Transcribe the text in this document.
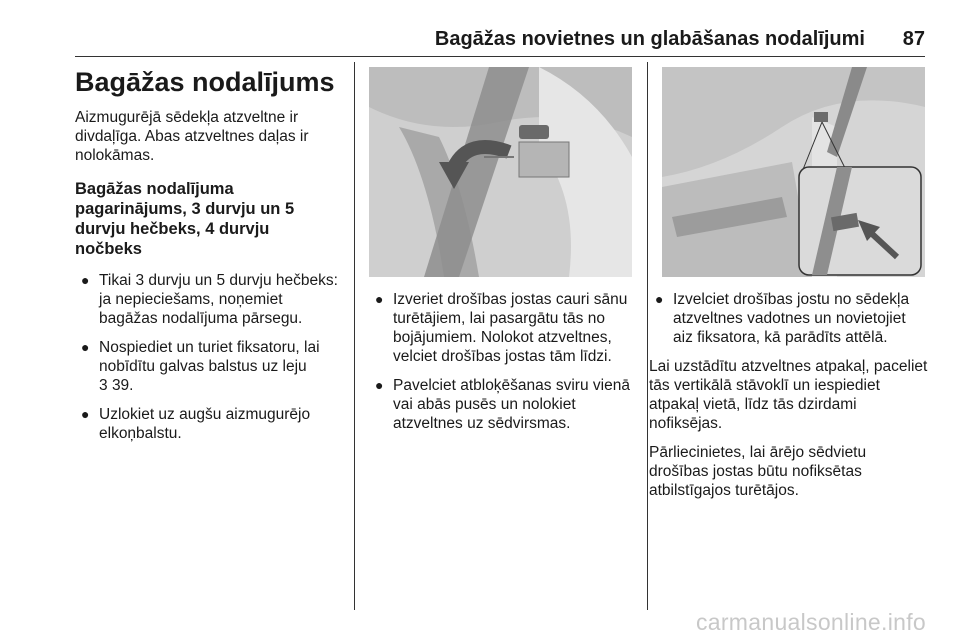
Bagāžas novietnes un glabāšanas nodalījumi 87
Bagāžas nodalījums

Aizmugurējā sēdekļa atzveltne ir divdaļīga. Abas atzveltnes daļas ir nolokāmas.

Bagāžas nodalījuma pagarinājums, 3 durvju un 5 durvju hečbeks, 4 durvju nočbeks
● Tikai 3 durvju un 5 durvju hečbeks: ja nepieciešams, noņemiet bagāžas nodalījuma pārsegu.
● Nospiediet un turiet fiksatoru, lai nobīdītu galvas balstus uz leju
3 39.
● Uzlokiet uz augšu aizmugurējo elkoņbalstu.
● Izveriet drošības jostas cauri sānu turētājiem, lai pasargātu tās no bojājumiem. Nolokot atzveltnes, velciet drošības jostas tām līdzi.
● Pavelciet atbloķēšanas sviru vienā vai abās pusēs un nolokiet atzveltnes uz sēdvirsmas.
● Izvelciet drošības jostu no sēdekļa atzveltnes vadotnes un novietojiet aiz fiksatora, kā parādīts attēlā.

Lai uzstādītu atzveltnes atpakaļ, paceliet tās vertikālā stāvoklī un iespiediet atpakaļ vietā, līdz tās dzirdami nofiksējas.

Pārliecinietes, lai ārējo sēdvietu drošības jostas būtu nofiksētas atbilstīgajos turētājos.

carmanualsonline.info
